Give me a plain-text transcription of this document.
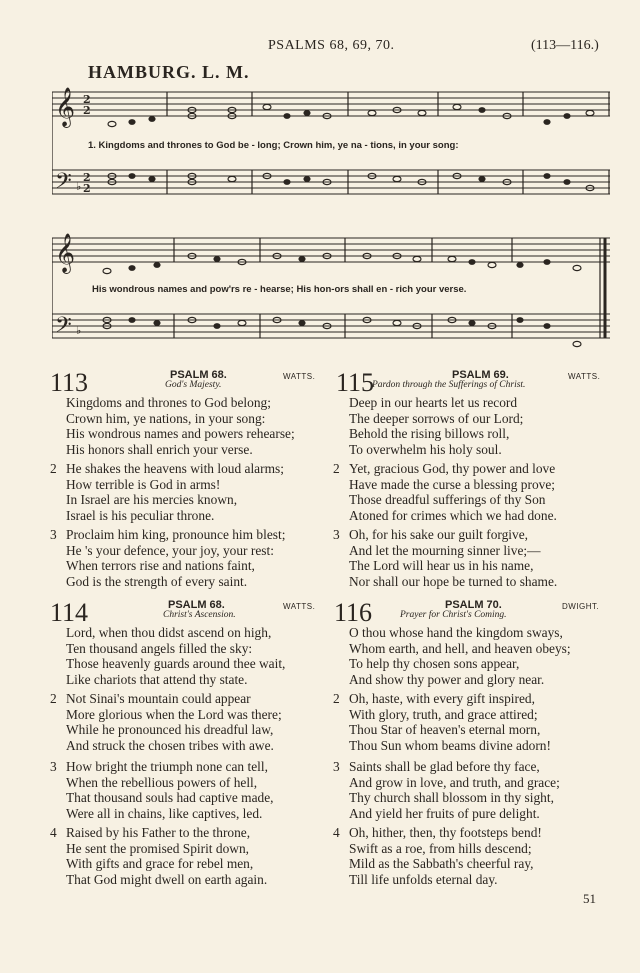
PSALMS 68, 69, 70.	(113—116.)
HAMBURG. L. M.
𝄞
𝄢
2
2
2
2
♭
1. Kingdoms and thrones to God be - long; Crown him, ye na - tions, in your song:
𝄞
𝄢 ♭
His wondrous names and pow'rs re - hearse; His hon-ors shall en - rich your verse.
113	PSALM 68.	WATTS.
God's Majesty.
Kingdoms and thrones to God belong;
Crown him, ye nations, in your song:
His wondrous names and powers rehearse;
His honors shall enrich your verse.
2 He shakes the heavens with loud alarms;
How terrible is God in arms!
In Israel are his mercies known,
Israel is his peculiar throne.
3 Proclaim him king, pronounce him blest;
He 's your defence, your joy, your rest:
When terrors rise and nations faint,
God is the strength of every saint.
114	PSALM 68.	WATTS.
Christ's Ascension.
Lord, when thou didst ascend on high,
Ten thousand angels filled the sky:
Those heavenly guards around thee wait,
Like chariots that attend thy state.
2 Not Sinai's mountain could appear
More glorious when the Lord was there;
While he pronounced his dreadful law,
And struck the chosen tribes with awe.
3 How bright the triumph none can tell,
When the rebellious powers of hell,
That thousand souls had captive made,
Were all in chains, like captives, led.
4 Raised by his Father to the throne,
He sent the promised Spirit down,
With gifts and grace for rebel men,
That God might dwell on earth again.
115	PSALM 69.	WATTS.
Pardon through the Sufferings of Christ.
Deep in our hearts let us record
The deeper sorrows of our Lord;
Behold the rising billows roll,
To overwhelm his holy soul.
2 Yet, gracious God, thy power and love
Have made the curse a blessing prove;
Those dreadful sufferings of thy Son
Atoned for crimes which we had done.
3 Oh, for his sake our guilt forgive,
And let the mourning sinner live;—
The Lord will hear us in his name,
Nor shall our hope be turned to shame.
116	PSALM 70.	DWIGHT.
Prayer for Christ's Coming.
O thou whose hand the kingdom sways,
Whom earth, and hell, and heaven obeys;
To help thy chosen sons appear,
And show thy power and glory near.
2 Oh, haste, with every gift inspired,
With glory, truth, and grace attired;
Thou Star of heaven's eternal morn,
Thou Sun whom beams divine adorn!
3 Saints shall be glad before thy face,
And grow in love, and truth, and grace;
Thy church shall blossom in thy sight,
And yield her fruits of pure delight.
4 Oh, hither, then, thy footsteps bend!
Swift as a roe, from hills descend;
Mild as the Sabbath's cheerful ray,
Till life unfolds eternal day.
51
